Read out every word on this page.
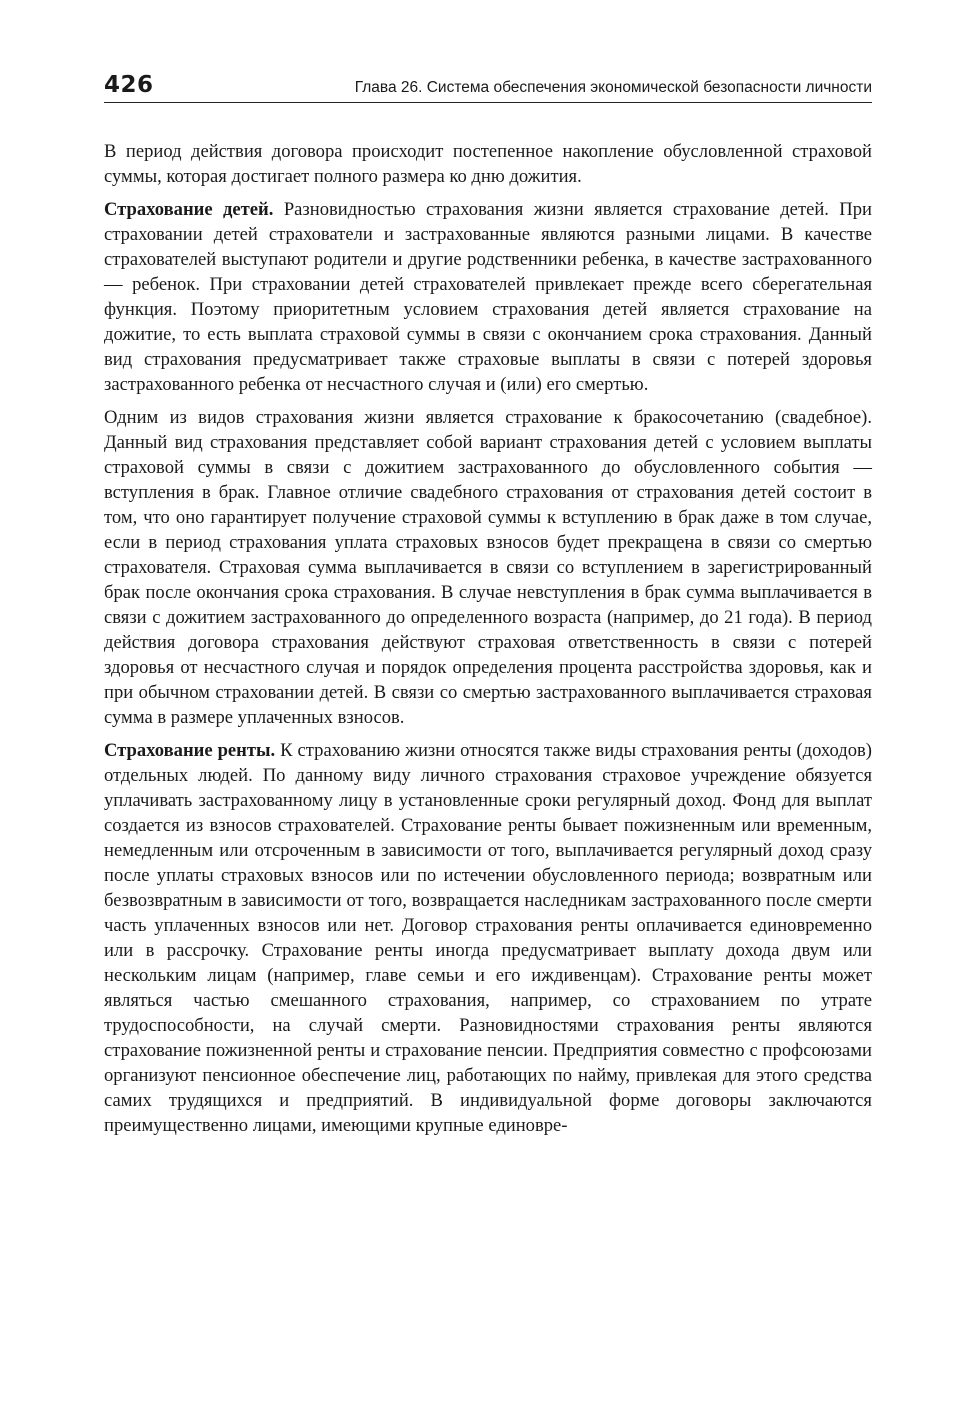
426	Глава 26. Система обеспечения экономической безопасности личности

В период действия договора происходит постепенное накопление обусловленной страховой суммы, которая достигает полного размера ко дню дожития.

Страхование детей. Разновидностью страхования жизни является страхование детей. При страховании детей страхователи и застрахованные являются разными лицами. В качестве страхователей выступают родители и другие родственники ребенка, в качестве застрахованного — ребенок. При страховании детей страхователей привлекает прежде всего сберегательная функция. Поэтому приоритетным условием страхования детей является страхование на дожитие, то есть выплата страховой суммы в связи с окончанием срока страхования. Данный вид страхования предусматривает также страховые выплаты в связи с потерей здоровья застрахованного ребенка от несчастного случая и (или) его смертью.

Одним из видов страхования жизни является страхование к бракосочетанию (свадебное). Данный вид страхования представляет собой вариант страхования детей с условием выплаты страховой суммы в связи с дожитием застрахованного до обусловленного события — вступления в брак. Главное отличие свадебного страхования от страхования детей состоит в том, что оно гарантирует получение страховой суммы к вступлению в брак даже в том случае, если в период страхования уплата страховых взносов будет прекращена в связи со смертью страхователя. Страховая сумма выплачивается в связи со вступлением в зарегистрированный брак после окончания срока страхования. В случае невступления в брак сумма выплачивается в связи с дожитием застрахованного до определенного возраста (например, до 21 года). В период действия договора страхования действуют страховая ответственность в связи с потерей здоровья от несчастного случая и порядок определения процента расстройства здоровья, как и при обычном страховании детей. В связи со смертью застрахованного выплачивается страховая сумма в размере уплаченных взносов.

Страхование ренты. К страхованию жизни относятся также виды страхования ренты (доходов) отдельных людей. По данному виду личного страхования страховое учреждение обязуется уплачивать застрахованному лицу в установленные сроки регулярный доход. Фонд для выплат создается из взносов страхователей. Страхование ренты бывает пожизненным или временным, немедленным или отсроченным в зависимости от того, выплачивается регулярный доход сразу после уплаты страховых взносов или по истечении обусловленного периода; возвратным или безвозвратным в зависимости от того, возвращается наследникам застрахованного после смерти часть уплаченных взносов или нет. Договор страхования ренты оплачивается единовременно или в рассрочку. Страхование ренты иногда предусматривает выплату дохода двум или нескольким лицам (например, главе семьи и его иждивенцам). Страхование ренты может являться частью смешанного страхования, например, со страхованием по утрате трудоспособности, на случай смерти. Разновидностями страхования ренты являются страхование пожизненной ренты и страхование пенсии. Предприятия совместно с профсоюзами организуют пенсионное обеспечение лиц, работающих по найму, привлекая для этого средства самих трудящихся и предприятий. В индивидуальной форме договоры заключаются преимущественно лицами, имеющими крупные единовре-
